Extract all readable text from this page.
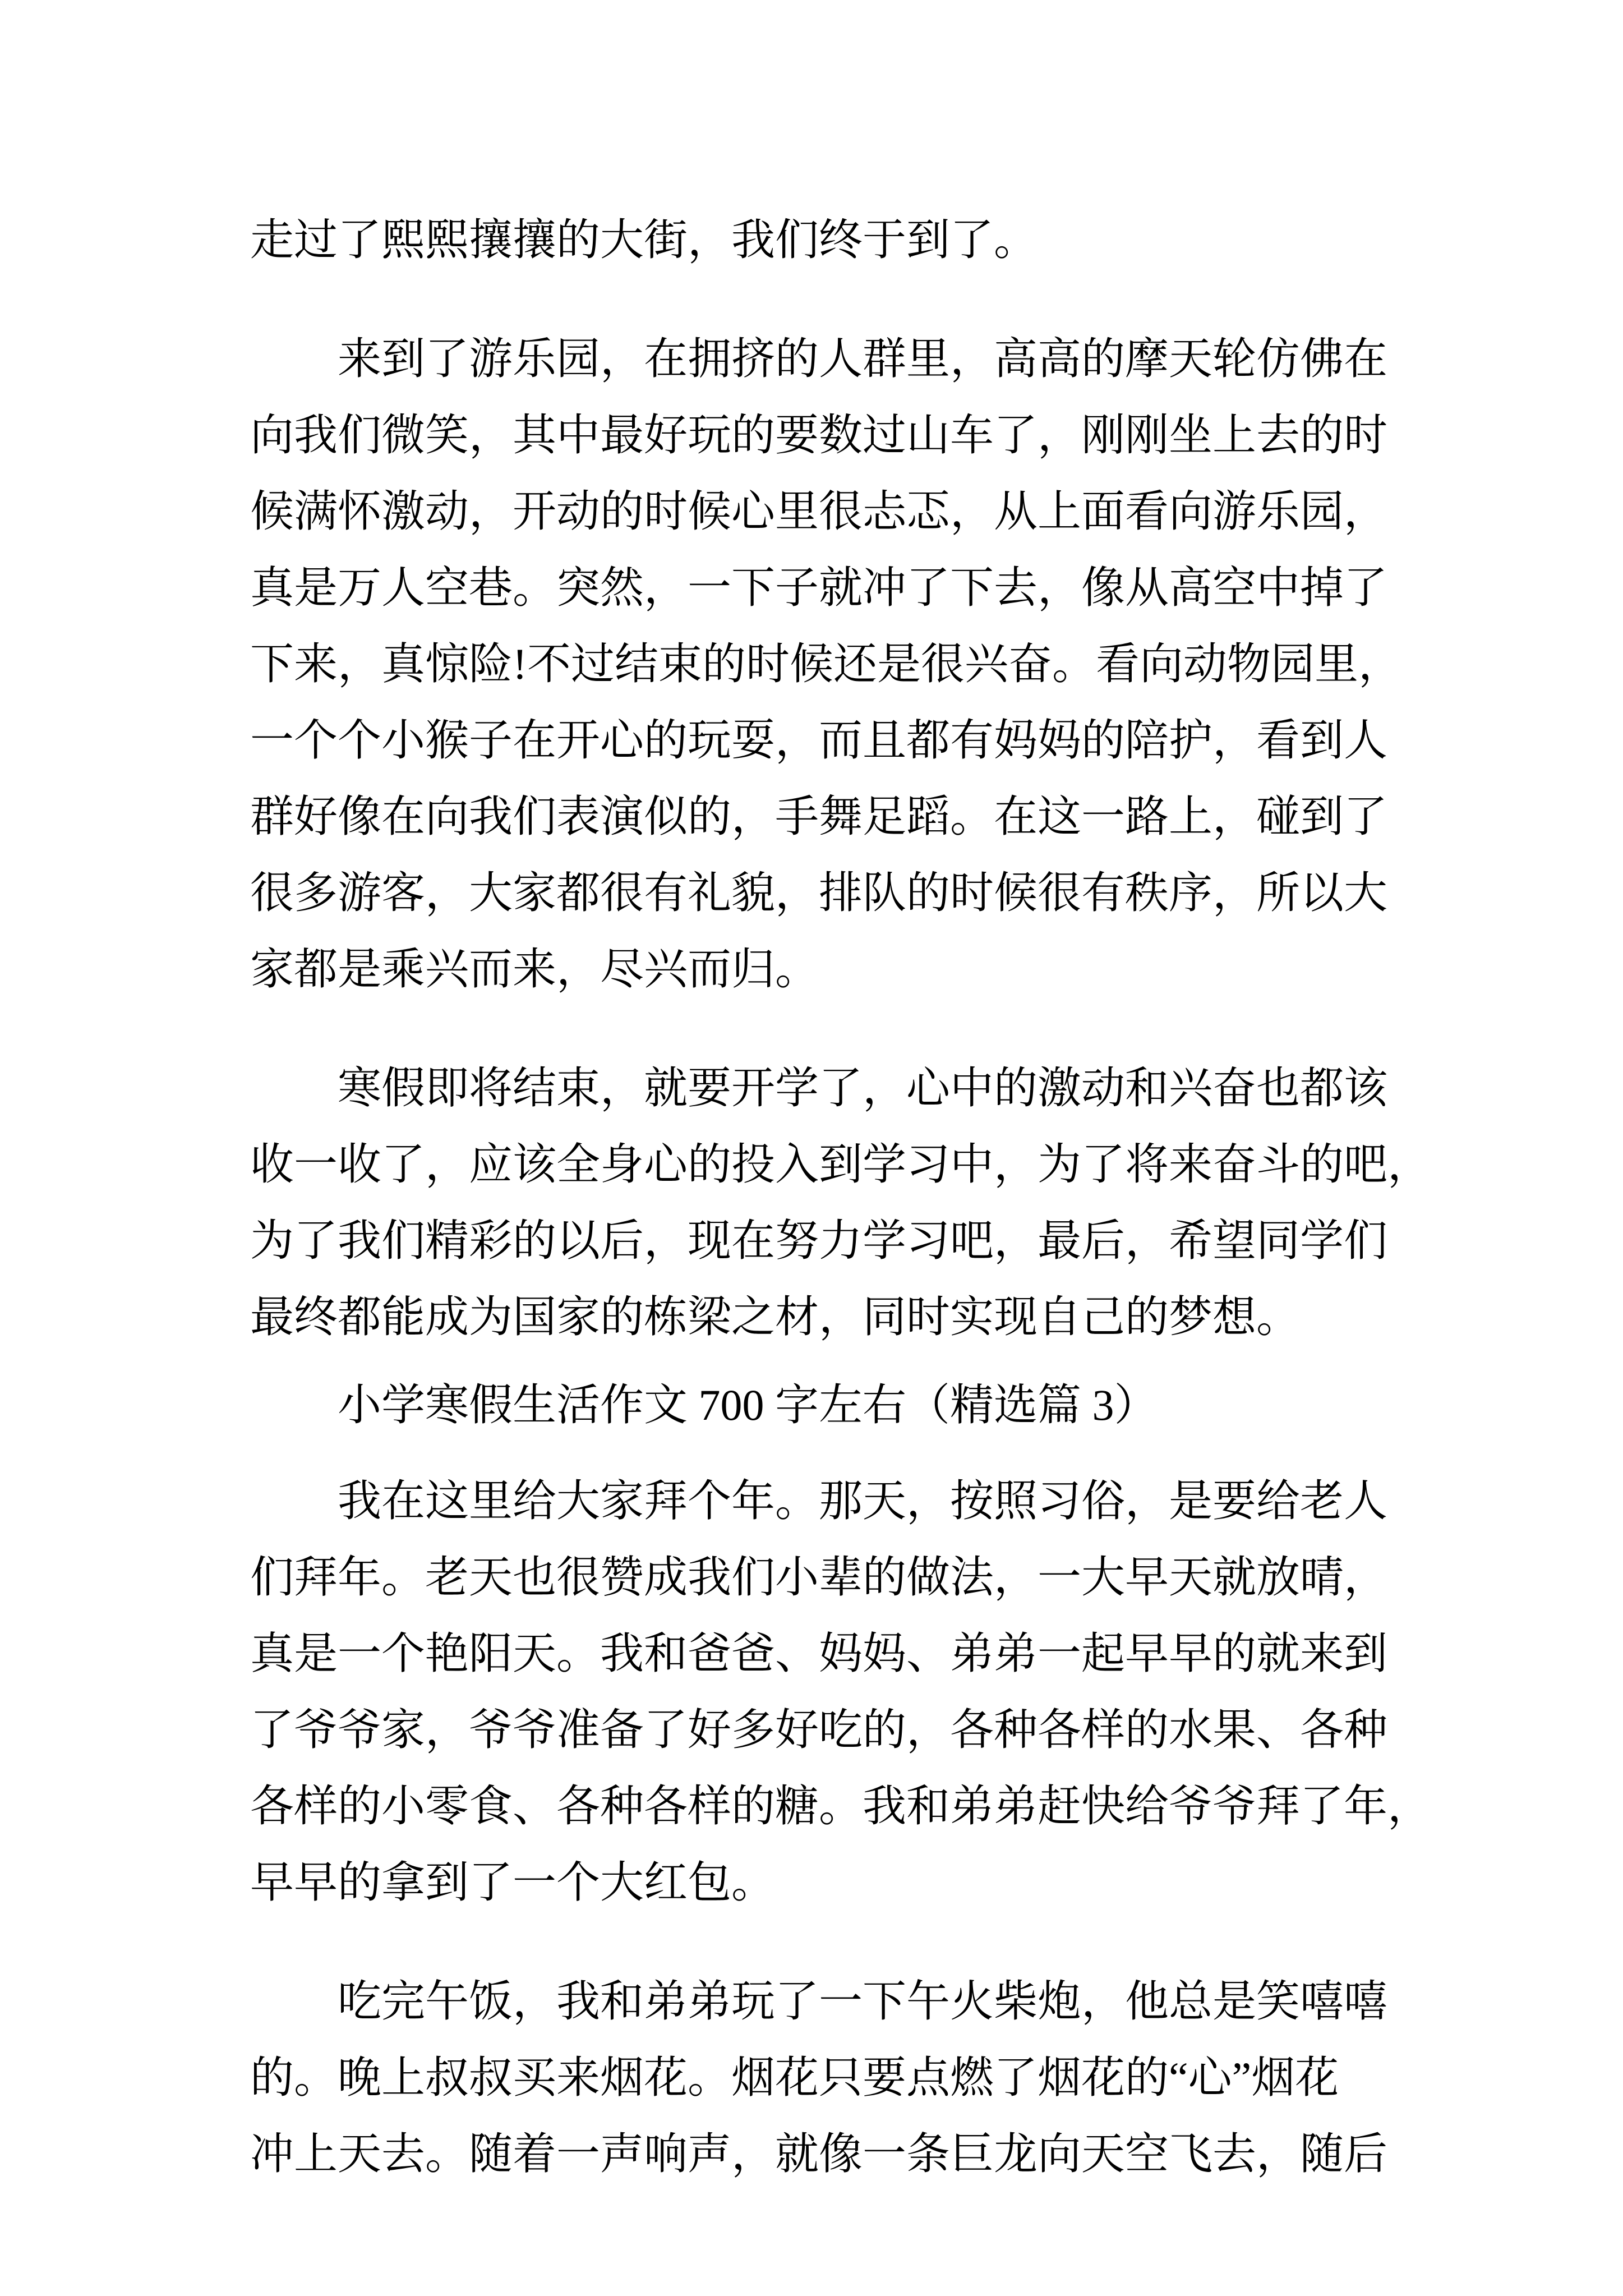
走过了熙熙攘攘的大街，我们终于到了。
来到了游乐园，在拥挤的人群里，高高的摩天轮仿佛在
向我们微笑，其中最好玩的要数过山车了，刚刚坐上去的时
候满怀激动，开动的时候心里很忐忑，从上面看向游乐园，
真是万人空巷。突然，一下子就冲了下去，像从高空中掉了
下来，真惊险!不过结束的时候还是很兴奋。看向动物园里，
一个个小猴子在开心的玩耍，而且都有妈妈的陪护，看到人
群好像在向我们表演似的，手舞足蹈。在这一路上，碰到了
很多游客，大家都很有礼貌，排队的时候很有秩序，所以大
家都是乘兴而来，尽兴而归。
寒假即将结束，就要开学了，心中的激动和兴奋也都该
收一收了，应该全身心的投入到学习中，为了将来奋斗的吧，
为了我们精彩的以后，现在努力学习吧，最后，希望同学们
最终都能成为国家的栋梁之材，同时实现自己的梦想。
小学寒假生活作文 700 字左右（精选篇 3）
我在这里给大家拜个年。那天，按照习俗，是要给老人
们拜年。老天也很赞成我们小辈的做法，一大早天就放晴，
真是一个艳阳天。我和爸爸、妈妈、弟弟一起早早的就来到
了爷爷家，爷爷准备了好多好吃的，各种各样的水果、各种
各样的小零食、各种各样的糖。我和弟弟赶快给爷爷拜了年，
早早的拿到了一个大红包。
吃完午饭，我和弟弟玩了一下午火柴炮，他总是笑嘻嘻
的。晚上叔叔买来烟花。烟花只要点燃了烟花的“心”烟花
冲上天去。随着一声响声，就像一条巨龙向天空飞去，随后
